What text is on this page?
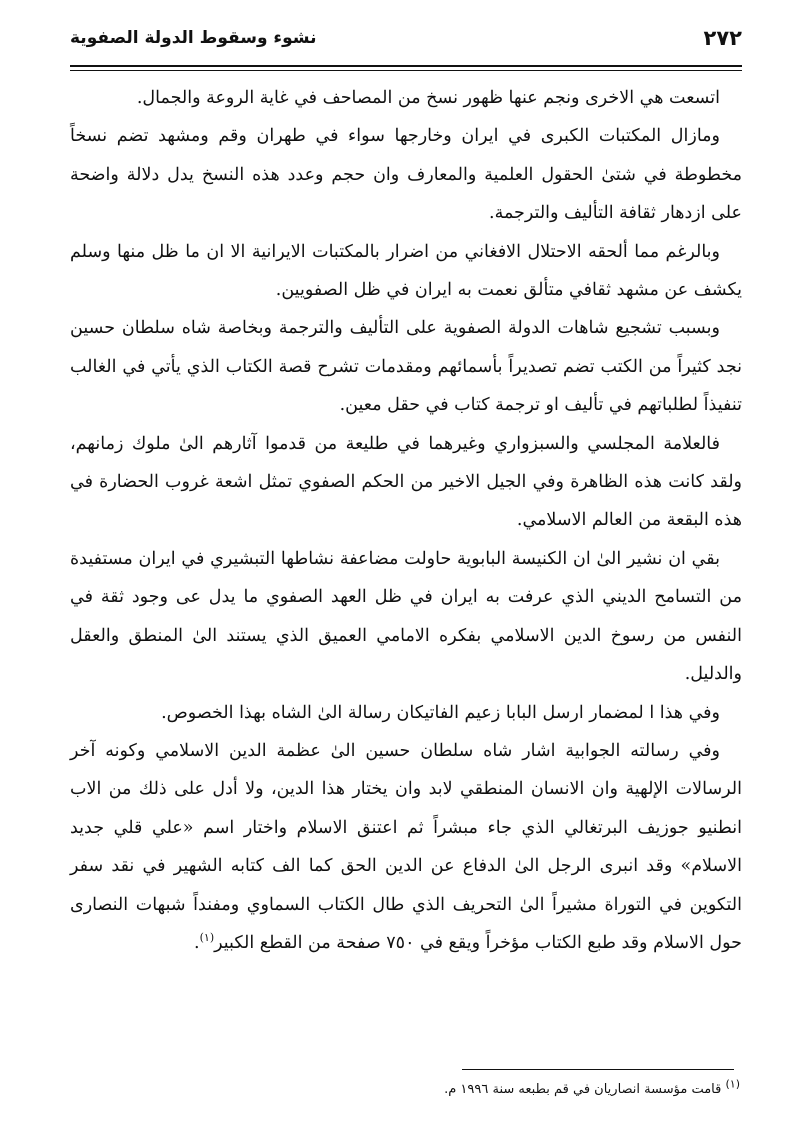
٢٧٢
نشوء وسقوط الدولة الصفوية

اتسعت هي الاخرى ونجم عنها ظهور نسخ من المصاحف في غاية الروعة والجمال.

ومازال المكتبات الكبرى في ايران وخارجها سواء في طهران وقم ومشهد تضم نسخاً مخطوطة في شتىٰ الحقول العلمية والمعارف وان حجم وعدد هذه النسخ يدل دلالة واضحة على ازدهار ثقافة التأليف والترجمة.

وبالرغم مما ألحقه الاحتلال الافغاني من اضرار بالمكتبات الايرانية الا ان ما ظل منها وسلم يكشف عن مشهد ثقافي متألق نعمت به ايران في ظل الصفويين.

وبسبب تشجيع شاهات الدولة الصفوية على التأليف والترجمة وبخاصة شاه سلطان حسين نجد كثيراً من الكتب تضم تصديراً بأسمائهم ومقدمات تشرح قصة الكتاب الذي يأتي في الغالب تنفيذاً لطلباتهم في تأليف او ترجمة كتاب في حقل معين.

فالعلامة المجلسي والسبزواري وغيرهما في طليعة من قدموا آثارهم الىٰ ملوك زمانهم، ولقد كانت هذه الظاهرة وفي الجيل الاخير من الحكم الصفوي تمثل اشعة غروب الحضارة في هذه البقعة من العالم الاسلامي.

بقي ان نشير الىٰ ان الكنيسة البابوية حاولت مضاعفة نشاطها التبشيري في ايران مستفيدة من التسامح الديني الذي عرفت به ايران في ظل العهد الصفوي ما يدل عى وجود ثقة في النفس من رسوخ الدين الاسلامي بفكره الامامي العميق الذي يستند الىٰ المنطق والعقل والدليل.

وفي هذا ا لمضمار ارسل البابا زعيم الفاتيكان رسالة الىٰ الشاه بهذا الخصوص.

وفي رسالته الجوابية اشار شاه سلطان حسين الىٰ عظمة الدين الاسلامي وكونه آخر الرسالات الإلهية وان الانسان المنطقي لابد وان يختار هذا الدين، ولا أدل على ذلك من الاب انطنيو جوزيف البرتغالي الذي جاء مبشراً ثم اعتنق الاسلام واختار اسم «علي قلي جديد الاسلام» وقد انبرى الرجل الىٰ الدفاع عن الدين الحق كما الف كتابه الشهير في نقد سفر التكوين في التوراة مشيراً الىٰ التحريف الذي طال الكتاب السماوي ومفنداً شبهات النصارى حول الاسلام وقد طبع الكتاب مؤخراً ويقع في ٧٥٠ صفحة من القطع الكبير$^{(١)}$.

$^{(١)}$ قامت مؤسسة انصاريان في قم بطبعه سنة ١٩٩٦ م.
